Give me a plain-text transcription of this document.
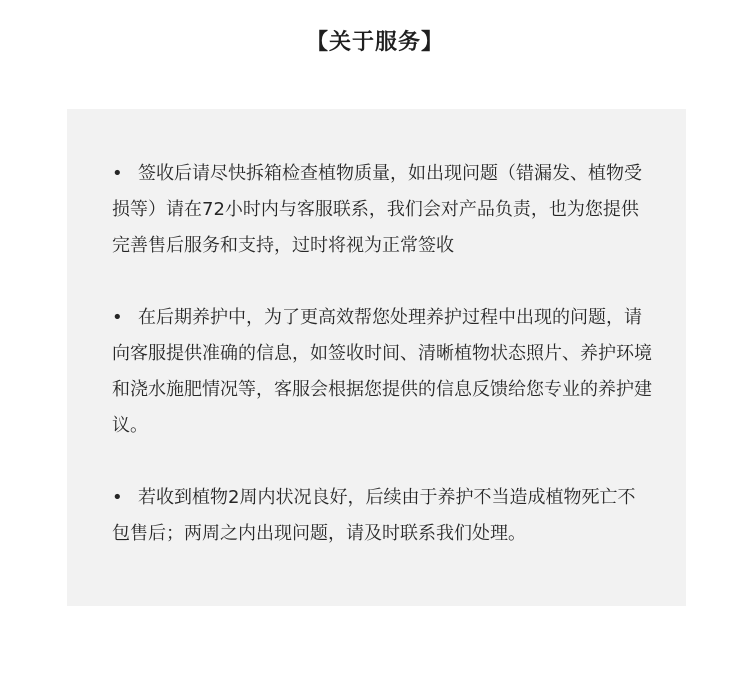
【关于服务】

• 签收后请尽快拆箱检查植物质量，如出现问题（错漏发、植物受损等）请在72小时内与客服联系，我们会对产品负责，也为您提供完善售后服务和支持，过时将视为正常签收

• 在后期养护中，为了更高效帮您处理养护过程中出现的问题，请向客服提供准确的信息，如签收时间、清晰植物状态照片、养护环境和浇水施肥情况等，客服会根据您提供的信息反馈给您专业的养护建议。

• 若收到植物2周内状况良好，后续由于养护不当造成植物死亡不包售后；两周之内出现问题，请及时联系我们处理。
